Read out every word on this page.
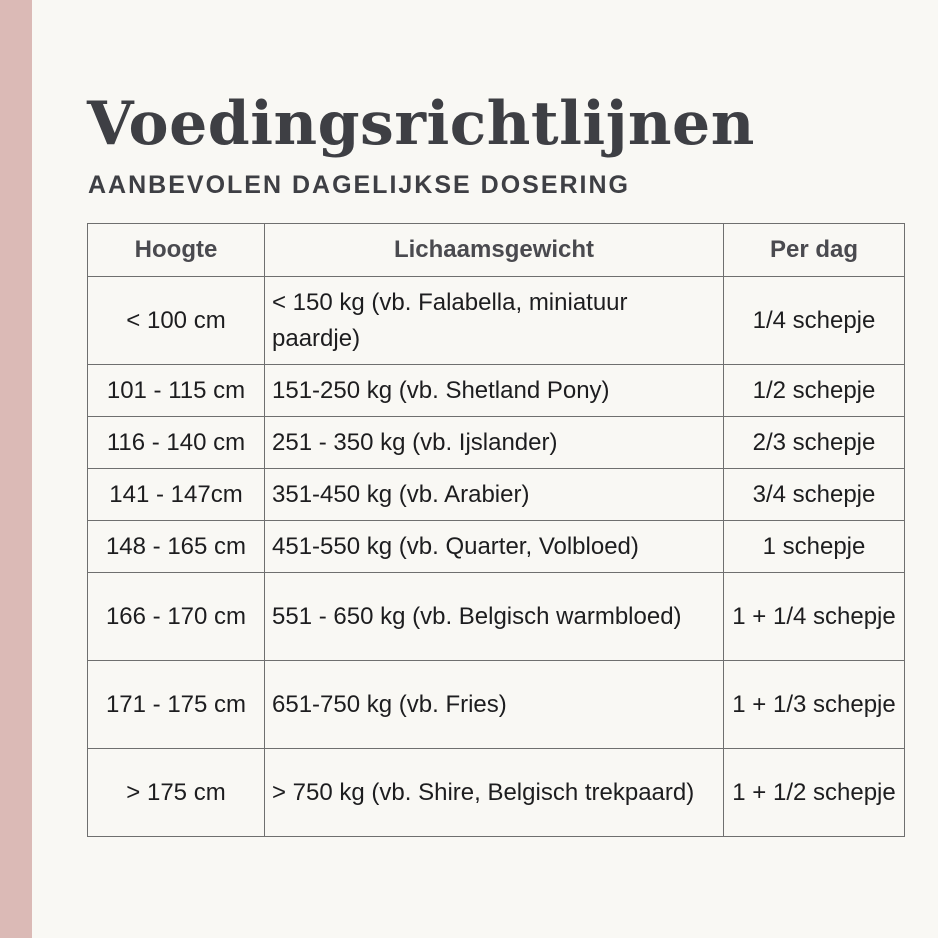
Voedingsrichtlijnen
AANBEVOLEN DAGELIJKSE DOSERING
Hoogte	Lichaamsgewicht	Per dag
< 100 cm	< 150 kg (vb. Falabella, miniatuur paardje)	1/4 schepje
101 - 115 cm	151-250 kg (vb. Shetland Pony)	1/2 schepje
116 - 140 cm	251 - 350 kg (vb. Ijslander)	2/3 schepje
141 - 147cm	351-450 kg (vb. Arabier)	3/4 schepje
148 - 165 cm	451-550 kg (vb. Quarter, Volbloed)	1 schepje
166 - 170 cm	551 - 650 kg (vb. Belgisch warmbloed)	1 + 1/4 schepje
171 - 175 cm	651-750 kg (vb. Fries)	1 + 1/3 schepje
> 175 cm	> 750 kg (vb. Shire, Belgisch trekpaard)	1 + 1/2 schepje
